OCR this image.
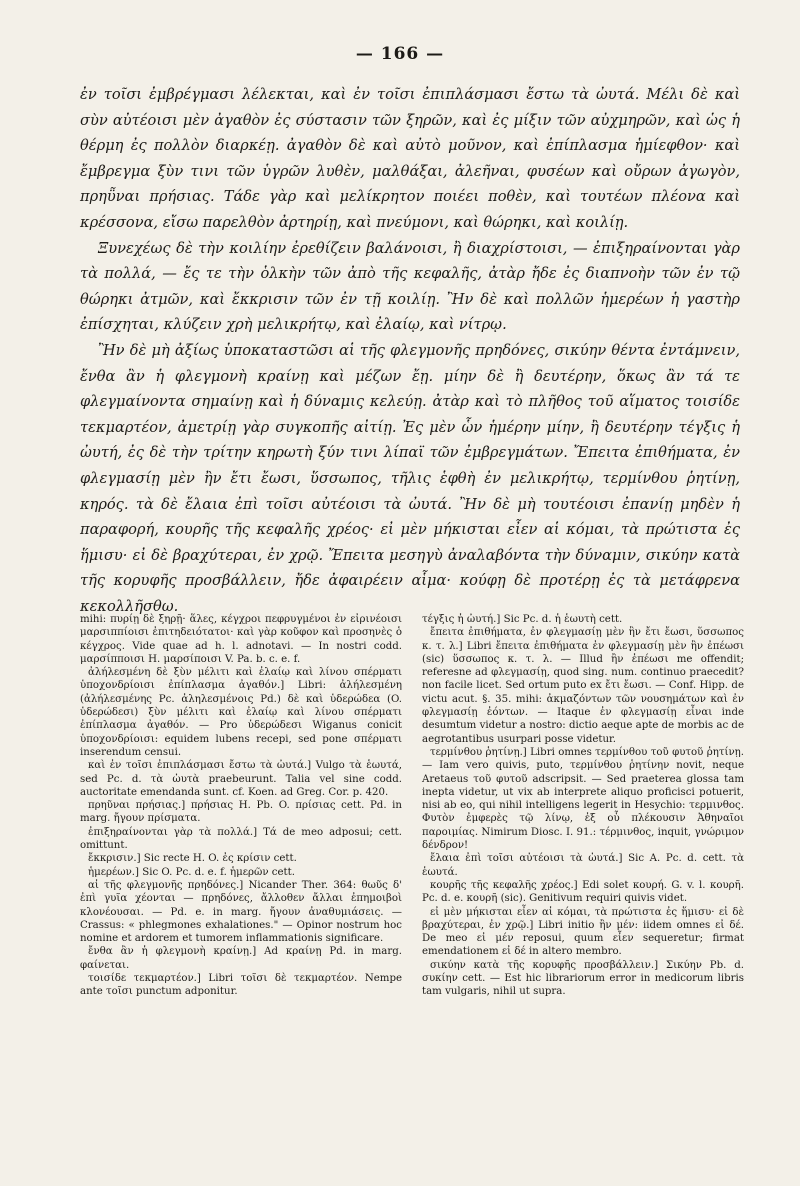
— 166 —

ἐν τοῖσι ἐμβρέγμασι λέλεκται, καὶ ἐν τοῖσι ἐπιπλάσμασι ἔστω τὰ ὠυτά. Μέλι δὲ καὶ σὺν αὐτέοισι μὲν ἀγαθὸν ἐς σύστασιν τῶν ξηρῶν, καὶ ἐς μίξιν τῶν αὐχμηρῶν, καὶ ὡς ἡ θέρμη ἐς πολλὸν διαρκέῃ. ἀγαθὸν δὲ καὶ αὐτὸ μοῦνον, καὶ ἐπίπλασμα ἡμίεφθον· καὶ ἔμβρεγμα ξὺν τινι τῶν ὑγρῶν λυθὲν, μαλθάξαι, ἀλεῆναι, φυσέων καὶ οὔρων ἀγωγὸν, πρηῧναι πρήσιας. Τάδε γὰρ καὶ μελίκρητον ποιέει ποθὲν, καὶ τουτέων πλέονα καὶ κρέσσονα, εἴσω παρελθὸν ἀρτηρίῃ, καὶ πνεύμονι, καὶ θώρηκι, καὶ κοιλίῃ.

Ξυνεχέως δὲ τὴν κοιλίην ἐρεθίζειν βαλάνοισι, ἢ διαχρίστοισι, — ἐπιξηραίνονται γὰρ τὰ πολλά, — ἔς τε τὴν ὁλκὴν τῶν ἀπὸ τῆς κεφαλῆς, ἀτὰρ ἤδε ἐς διαπνοὴν τῶν ἐν τῷ θώρηκι ἀτμῶν, καὶ ἔκκρισιν τῶν ἐν τῇ κοιλίῃ. Ἢν δὲ καὶ πολλῶν ἡμερέων ἡ γαστὴρ ἐπίσχηται, κλύζειν χρὴ μελικρήτῳ, καὶ ἐλαίῳ, καὶ νίτρῳ.

Ἢν δὲ μὴ ἀξίως ὑποκαταστῶσι αἱ τῆς φλεγμονῆς πρηδόνες, σικύην θέντα ἐντάμνειν, ἔνθα ἂν ἡ φλεγμονὴ κραίνῃ καὶ μέζων ἔῃ. μίην δὲ ἢ δευτέρην, ὅκως ἂν τά τε φλεγμαίνοντα σημαίνῃ καὶ ἡ δύναμις κελεύῃ. ἀτὰρ καὶ τὸ πλῆθος τοῦ αἵματος τοισίδε τεκμαρτέον, ἀμετρίῃ γὰρ συγκοπῆς αἰτίῃ. Ἐς μὲν ὧν ἡμέρην μίην, ἢ δευτέρην τέγξις ἡ ὠυτή, ἐς δὲ τὴν τρίτην κηρωτὴ ξύν τινι λίπαϊ τῶν ἐμβρεγμάτων. Ἔπειτα ἐπιθήματα, ἐν φλεγμασίῃ μὲν ἢν ἔτι ἔωσι, ὕσσωπος, τῆλις ἑφθὴ ἐν μελικρήτῳ, τερμίνθου ῥητίνῃ, κηρός. τὰ δὲ ἔλαια ἐπὶ τοῖσι αὐτέοισι τὰ ὠυτά. Ἢν δὲ μὴ τουτέοισι ἐπανίῃ μηδὲν ἡ παραφορή, κουρῆς τῆς κεφαλῆς χρέος· εἰ μὲν μήκισται εἶεν αἱ κόμαι, τὰ πρώτιστα ἐς ἥμισυ· εἰ δὲ βραχύτεραι, ἐν χρῷ. Ἔπειτα μεσηγὺ ἀναλαβόντα τὴν δύναμιν, σικύην κατὰ τῆς κορυφῆς προσβάλλειν, ἤδε ἀφαιρέειν αἷμα· κούφῃ δὲ προτέρῃ ἐς τὰ μετάφρενα κεκολλῆσθω.

mihi: πυρίῃ δὲ ξηρῇ· ἅλες, κέγχροι πεφρυγμένοι ἐν εἰρινέοισι μαρσιππίοισι ἐπιτηδειότατοι· καὶ γὰρ κοῦφον καὶ προσηνὲς ὁ κέγχρος. Vide quae ad h. l. adnotavi. — In nostri codd. μαρσίπποισι H. μαρσίποισι V. Pa. b. c. e. f.

ἀλήλεσμένη δὲ ξὺν μέλιτι καὶ ἐλαίῳ καὶ λίνου σπέρματι ὑποχονδρίοισι ἐπίπλασμα ἀγαθόν.] Libri: ἀλήλεσμένη (ἀλήλεσμένης Pc. ἀληλεσμένοις Pd.) δὲ καὶ ὑδερώδεα (O. ὑδερώδεσι) ξὺν μέλιτι καὶ ἐλαίῳ καὶ λίνου σπέρματι ἐπίπλασμα ἀγαθόν. — Pro ὑδερώδεσι Wiganus conicit ὑποχονδρίοισι: equidem lubens recepi, sed pone σπέρματι inserendum censui.

καὶ ἐν τοῖσι ἐπιπλάσμασι ἔστω τὰ ὠυτά.] Vulgo τὰ ἑωυτά, sed Pc. d. τὰ ὠυτὰ praebeurunt. Talia vel sine codd. auctoritate emendanda sunt. cf. Koen. ad Greg. Cor. p. 420.

πρηῦναι πρήσιας.] πρήσιας H. Pb. O. πρίσιας cett. Pd. in marg. ἤγουν πρίσματα.

ἐπιξηραίνονται γὰρ τὰ πολλά.] Τά de meo adposui; cett. omittunt.

ἔκκρισιν.] Sic recte H. O. ἐς κρίσιν cett.

ἡμερέων.] Sic O. Pc. d. e. f. ἡμερῶν cett.

αἱ τῆς φλεγμονῆς πρηδόνες.] Nicander Ther. 364: θωῦς δ' ἐπὶ γυῖα χέονται — πρηδόνες, ἄλλοθεν ἄλλαι ἐπημοιβοὶ κλονέουσαι. — Pd. e. in marg. ἤγουν ἀναθυμιάσεις. — Crassus: « phlegmones exhalationes." — Opinor nostrum hoc nomine et ardorem et tumorem inflammationis significare.

ἔνθα ἂν ἡ φλεγμονὴ κραίνῃ.] Ad κραίνῃ Pd. in marg. φαίνεται.

τοισίδε τεκμαρτέον.] Libri τοῖσι δὲ τεκμαρτέον. Nempe ante τοῖσι punctum adponitur.

τέγξις ἡ ὠυτή.] Sic Pc. d. ἡ ἑωυτὴ cett.

ἔπειτα ἐπιθήματα, ἐν φλεγμασίῃ μὲν ἢν ἔτι ἔωσι, ὕσσωπος κ. τ. λ.] Libri ἔπειτα ἐπιθήματα ἐν φλεγμασίῃ μὲν ἢν ἐπέωσι (sic) ὕσσωπος κ. τ. λ. — Illud ἢν ἐπέωσι me offendit; referesne ad φλεγμασίῃ, quod sing. num. continuo praecedit? non facile licet. Sed ortum puto ex ἔτι ἔωσι. — Conf. Hipp. de victu acut. §. 35. mihi: ἀκμαζόντων τῶν νουσημάτων καὶ ἐν φλεγμασίῃ ἐόντων. — Itaque ἐν φλεγμασίῃ εἶναι inde desumtum videtur a nostro: dictio aeque apte de morbis ac de aegrotantibus usurpari posse videtur.

τερμίνθου ῥητίνῃ.] Libri omnes τερμίνθου τοῦ φυτοῦ ῥητίνῃ. — Iam vero quivis, puto, τερμίνθου ῥητίνην novit, neque Aretaeus τοῦ φυτοῦ adscripsit. — Sed praeterea glossa tam inepta videtur, ut vix ab interprete aliquo proficisci potuerit, nisi ab eo, qui nihil intelligens legerit in Hesychio: τερμινθος. Φυτὸν ἐμφερὲς τῷ λίνῳ, ἐξ οὗ πλέκουσιν Ἀθηναῖοι παροιμίας. Nimirum Diosc. I. 91.: τέρμινθος, inquit, γνώριμον δένδρον!

ἔλαια ἐπὶ τοῖσι αὐτέοισι τὰ ὠυτά.] Sic A. Pc. d. cett. τὰ ἑωυτά.

κουρῆς τῆς κεφαλῆς χρέος.] Edi solet κουρή. G. v. l. κουρῆ. Pc. d. e. κουρῆ (sic). Genitivum requiri quivis videt.

εἰ μὲν μήκισται εἶεν αἱ κόμαι, τὰ πρώτιστα ἐς ἥμισυ· εἰ δὲ βραχύτεραι, ἐν χρῷ.] Libri initio ἢν μέν: iidem omnes εἰ δέ. De meo εἰ μέν reposui, quum εἶεν sequeretur; firmat emendationem εἰ δέ in altero membro.

σικύην κατὰ τῆς κορυφῆς προσβάλλειν.] Σικύην Pb. d. συκίην cett. — Est hic librariorum error in medicorum libris tam vulgaris, nihil ut supra.
